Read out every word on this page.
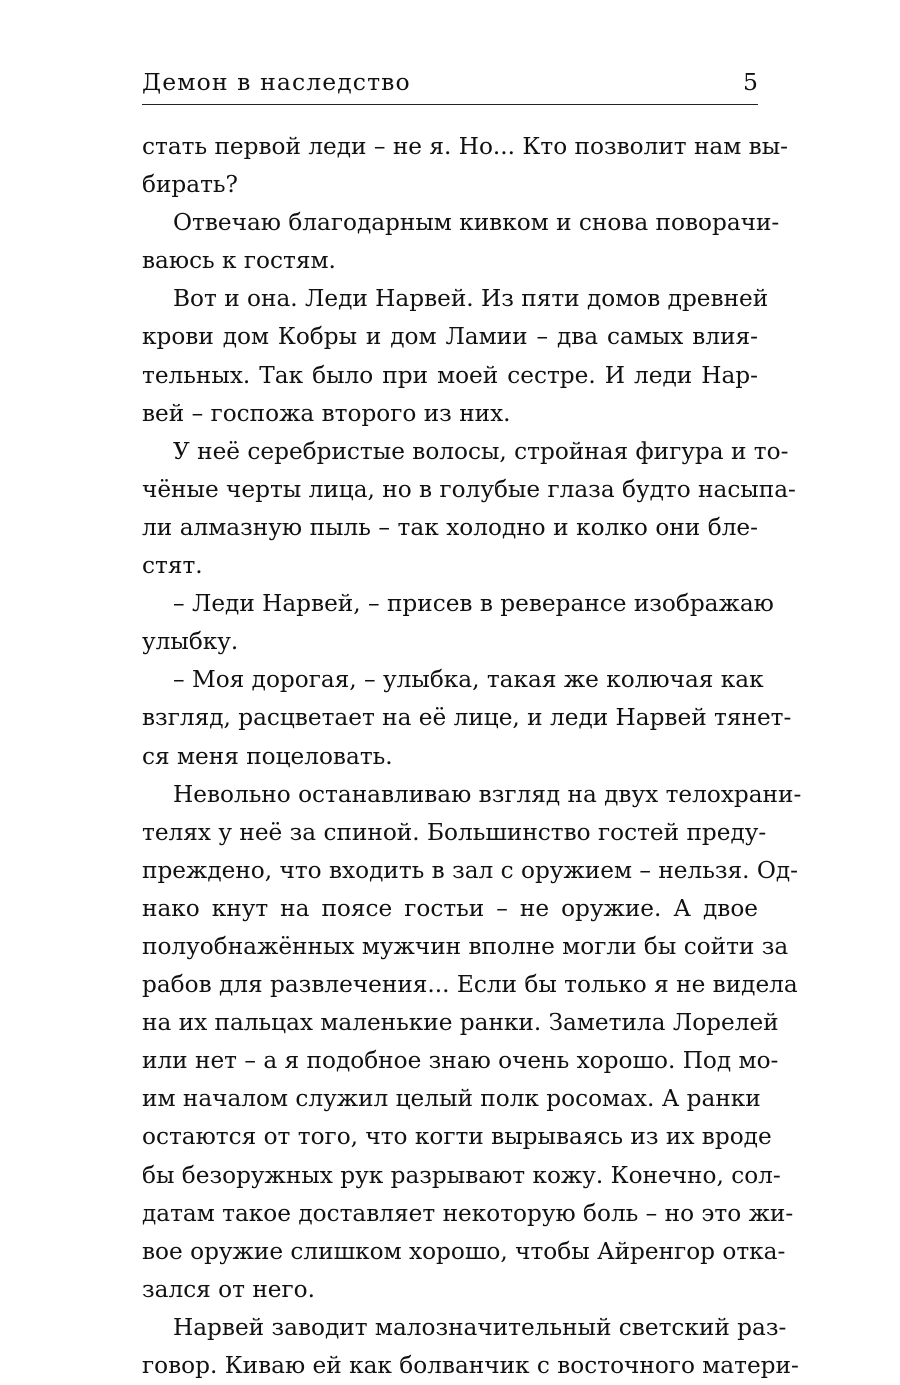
Демон в наследство	5
стать первой леди – не я. Но... Кто позволит нам вы-
бирать?
Отвечаю благодарным кивком и снова поворачи-
ваюсь к гостям.
Вот и она. Леди Нарвей. Из пяти домов древней
крови дом Кобры и дом Ламии – два самых влия-
тельных. Так было при моей сестре. И леди Нар-
вей – госпожа второго из них.
У неё серебристые волосы, стройная фигура и то-
чёные черты лица, но в голубые глаза будто насыпа-
ли алмазную пыль – так холодно и колко они бле-
стят.
– Леди Нарвей, – присев в реверансе изображаю
улыбку.
– Моя дорогая, – улыбка, такая же колючая как
взгляд, расцветает на её лице, и леди Нарвей тянет-
ся меня поцеловать.
Невольно останавливаю взгляд на двух телохрани-
телях у неё за спиной. Большинство гостей преду-
преждено, что входить в зал с оружием – нельзя. Од-
нако кнут на поясе гостьи – не оружие. А двое
полуобнажённых мужчин вполне могли бы сойти за
рабов для развлечения... Если бы только я не видела
на их пальцах маленькие ранки. Заметила Лорелей
или нет – а я подобное знаю очень хорошо. Под мо-
им началом служил целый полк росомах. А ранки
остаются от того, что когти вырываясь из их вроде
бы безоружных рук разрывают кожу. Конечно, сол-
датам такое доставляет некоторую боль – но это жи-
вое оружие слишком хорошо, чтобы Айренгор отка-
зался от него.
Нарвей заводит малозначительный светский раз-
говор. Киваю ей как болванчик с восточного матери-
